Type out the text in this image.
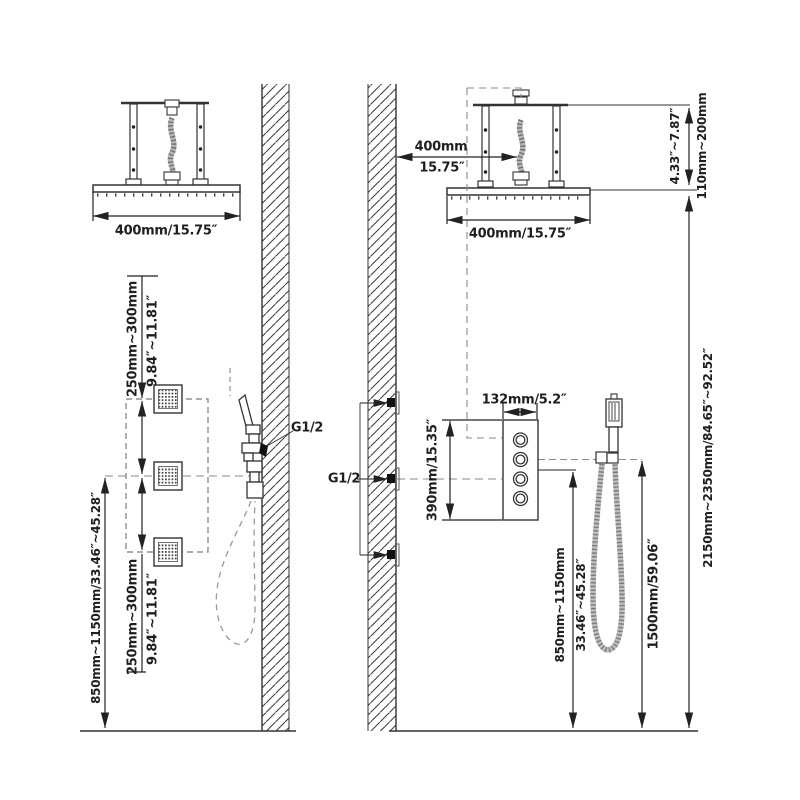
400mm/15.75″
250mm~300mm 9.84″~11.81″
250mm~300mm 9.84″~11.81″
850mm~1150mm/33.46″~45.28″
G1/2
400mm
15.75″
400mm/15.75″
4.33″~7.87″ 110mm~200mm
132mm/5.2″
390mm/15.35″
G1/2
850mm~1150mm 33.46″~45.28″	1500mm/59.06″
2150mm~2350mm/84.65″~92.52″
